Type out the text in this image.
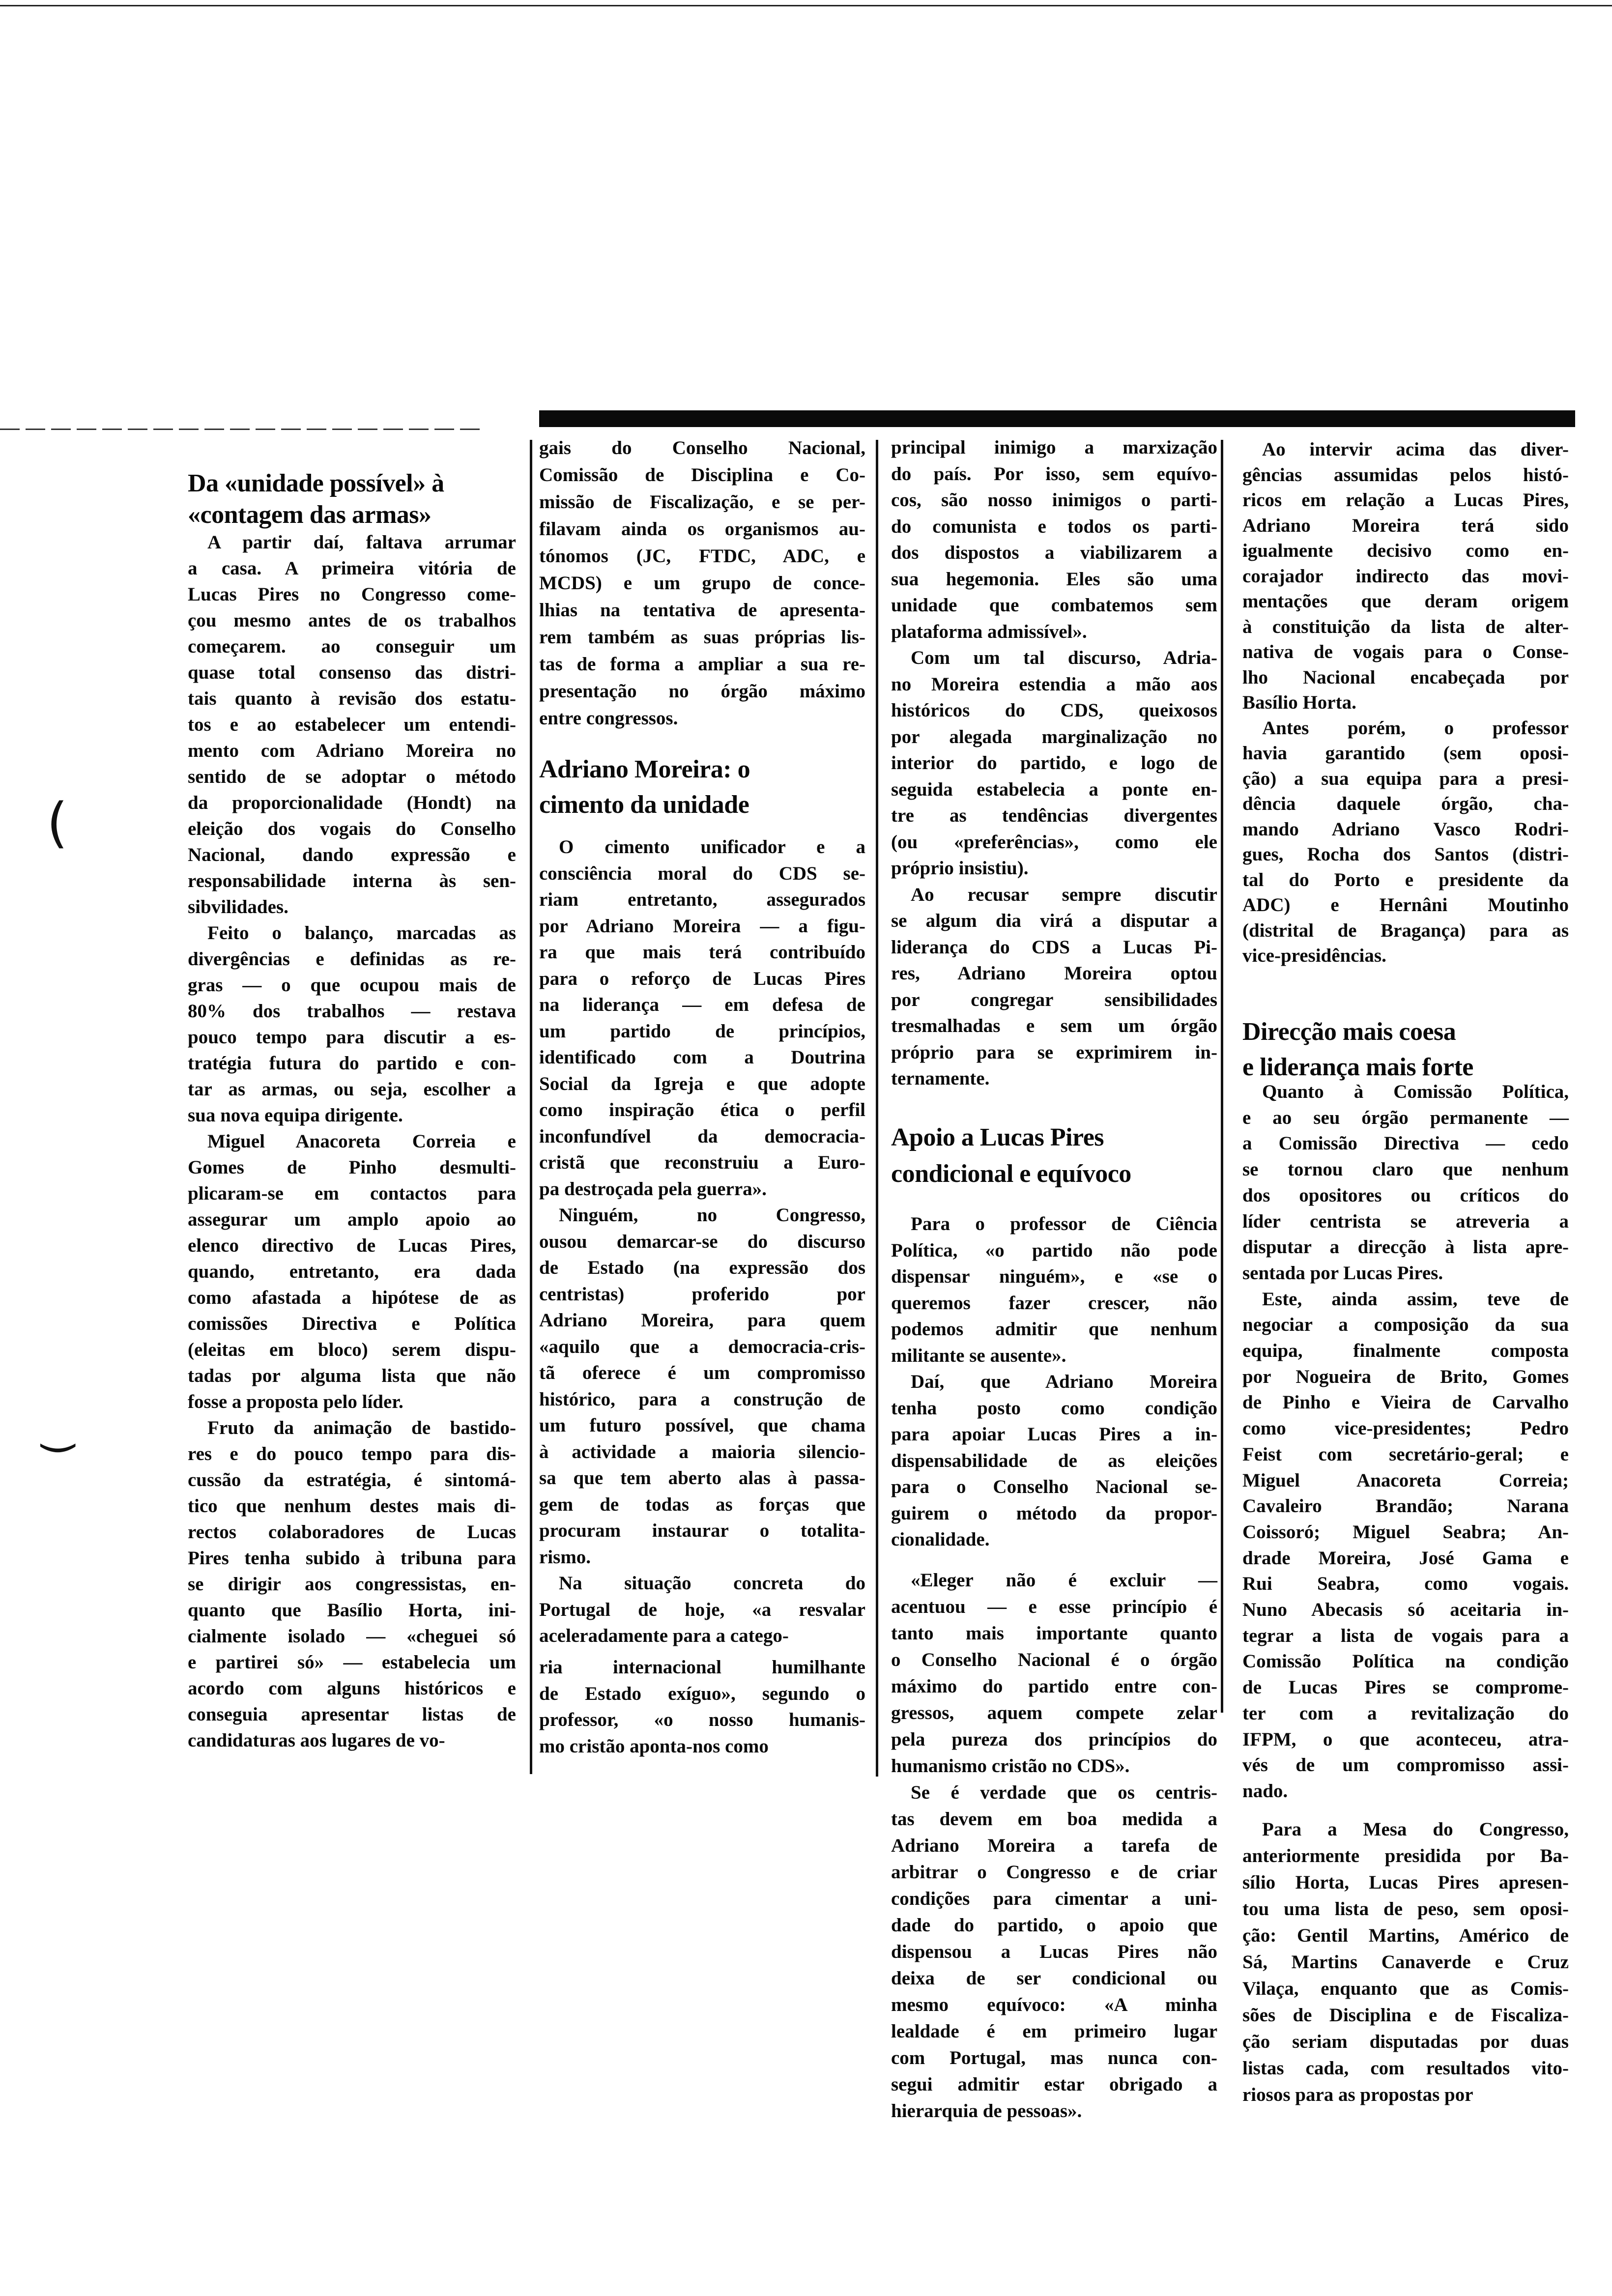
(
(
Da «unidade possível» à
«contagem das armas»
A partir daí, faltava arrumar
a casa. A primeira vitória de
Lucas Pires no Congresso come-
çou mesmo antes de os trabalhos
começarem. ao conseguir um
quase total consenso das distri-
tais quanto à revisão dos estatu-
tos e ao estabelecer um entendi-
mento com Adriano Moreira no
sentido de se adoptar o método
da proporcionalidade (Hondt) na
eleição dos vogais do Conselho
Nacional, dando expressão e
responsabilidade interna às sen-
sibvilidades.
Feito o balanço, marcadas as
divergências e definidas as re-
gras — o que ocupou mais de
80% dos trabalhos — restava
pouco tempo para discutir a es-
tratégia futura do partido e con-
tar as armas, ou seja, escolher a
sua nova equipa dirigente.
Miguel Anacoreta Correia e
Gomes de Pinho desmulti-
plicaram-se em contactos para
assegurar um amplo apoio ao
elenco directivo de Lucas Pires,
quando, entretanto, era dada
como afastada a hipótese de as
comissões Directiva e Política
(eleitas em bloco) serem dispu-
tadas por alguma lista que não
fosse a proposta pelo líder.
Fruto da animação de bastido-
res e do pouco tempo para dis-
cussão da estratégia, é sintomá-
tico que nenhum destes mais di-
rectos colaboradores de Lucas
Pires tenha subido à tribuna para
se dirigir aos congressistas, en-
quanto que Basílio Horta, ini-
cialmente isolado — «cheguei só
e partirei só» — estabelecia um
acordo com alguns históricos e
conseguia apresentar listas de
candidaturas aos lugares de vo-
gais do Conselho Nacional,
Comissão de Disciplina e Co-
missão de Fiscalização, e se per-
filavam ainda os organismos au-
tónomos (JC, FTDC, ADC, e
MCDS) e um grupo de conce-
lhias na tentativa de apresenta-
rem também as suas próprias lis-
tas de forma a ampliar a sua re-
presentação no órgão máximo
entre congressos.
Adriano Moreira: o
cimento da unidade
O cimento unificador e a
consciência moral do CDS se-
riam entretanto, assegurados
por Adriano Moreira — a figu-
ra que mais terá contribuído
para o reforço de Lucas Pires
na liderança — em defesa de
um partido de princípios,
identificado com a Doutrina
Social da Igreja e que adopte
como inspiração ética o perfil
inconfundível da democracia-
cristã que reconstruiu a Euro-
pa destroçada pela guerra».
Ninguém, no Congresso,
ousou demarcar-se do discurso
de Estado (na expressão dos
centristas) proferido por
Adriano Moreira, para quem
«aquilo que a democracia-cris-
tã oferece é um compromisso
histórico, para a construção de
um futuro possível, que chama
à actividade a maioria silencio-
sa que tem aberto alas à passa-
gem de todas as forças que
procuram instaurar o totalita-
rismo.
Na situação concreta do
Portugal de hoje, «a resvalar
aceleradamente para a catego-
ria internacional humilhante
de Estado exíguo», segundo o
professor, «o nosso humanis-
mo cristão aponta-nos como
principal inimigo a marxização
do país. Por isso, sem equívo-
cos, são nosso inimigos o parti-
do comunista e todos os parti-
dos dispostos a viabilizarem a
sua hegemonia. Eles são uma
unidade que combatemos sem
plataforma admissível».
Com um tal discurso, Adria-
no Moreira estendia a mão aos
históricos do CDS, queixosos
por alegada marginalização no
interior do partido, e logo de
seguida estabelecia a ponte en-
tre as tendências divergentes
(ou «preferências», como ele
próprio insistiu).
Ao recusar sempre discutir
se algum dia virá a disputar a
liderança do CDS a Lucas Pi-
res, Adriano Moreira optou
por congregar sensibilidades
tresmalhadas e sem um órgão
próprio para se exprimirem in-
ternamente.
Apoio a Lucas Pires
condicional e equívoco
Para o professor de Ciência
Política, «o partido não pode
dispensar ninguém», e «se o
queremos fazer crescer, não
podemos admitir que nenhum
militante se ausente».
Daí, que Adriano Moreira
tenha posto como condição
para apoiar Lucas Pires a in-
dispensabilidade de as eleições
para o Conselho Nacional se-
guirem o método da propor-
cionalidade.
«Eleger não é excluir —
acentuou — e esse princípio é
tanto mais importante quanto
o Conselho Nacional é o órgão
máximo do partido entre con-
gressos, aquem compete zelar
pela pureza dos princípios do
humanismo cristão no CDS».
Se é verdade que os centris-
tas devem em boa medida a
Adriano Moreira a tarefa de
arbitrar o Congresso e de criar
condições para cimentar a uni-
dade do partido, o apoio que
dispensou a Lucas Pires não
deixa de ser condicional ou
mesmo equívoco: «A minha
lealdade é em primeiro lugar
com Portugal, mas nunca con-
segui admitir estar obrigado a
hierarquia de pessoas».
Ao intervir acima das diver-
gências assumidas pelos histó-
ricos em relação a Lucas Pires,
Adriano Moreira terá sido
igualmente decisivo como en-
corajador indirecto das movi-
mentações que deram origem
à constituição da lista de alter-
nativa de vogais para o Conse-
lho Nacional encabeçada por
Basílio Horta.
Antes porém, o professor
havia garantido (sem oposi-
ção) a sua equipa para a presi-
dência daquele órgão, cha-
mando Adriano Vasco Rodri-
gues, Rocha dos Santos (distri-
tal do Porto e presidente da
ADC) e Hernâni Moutinho
(distrital de Bragança) para as
vice-presidências.
Direcção mais coesa
e liderança mais forte
Quanto à Comissão Política,
e ao seu órgão permanente —
a Comissão Directiva — cedo
se tornou claro que nenhum
dos opositores ou críticos do
líder centrista se atreveria a
disputar a direcção à lista apre-
sentada por Lucas Pires.
Este, ainda assim, teve de
negociar a composição da sua
equipa, finalmente composta
por Nogueira de Brito, Gomes
de Pinho e Vieira de Carvalho
como vice-presidentes; Pedro
Feist com secretário-geral; e
Miguel Anacoreta Correia;
Cavaleiro Brandão; Narana
Coissoró; Miguel Seabra; An-
drade Moreira, José Gama e
Rui Seabra, como vogais.
Nuno Abecasis só aceitaria in-
tegrar a lista de vogais para a
Comissão Política na condição
de Lucas Pires se comprome-
ter com a revitalização do
IFPM, o que aconteceu, atra-
vés de um compromisso assi-
nado.
Para a Mesa do Congresso,
anteriormente presidida por Ba-
sílio Horta, Lucas Pires apresen-
tou uma lista de peso, sem oposi-
ção: Gentil Martins, Américo de
Sá, Martins Canaverde e Cruz
Vilaça, enquanto que as Comis-
sões de Disciplina e de Fiscaliza-
ção seriam disputadas por duas
listas cada, com resultados vito-
riosos para as propostas por
